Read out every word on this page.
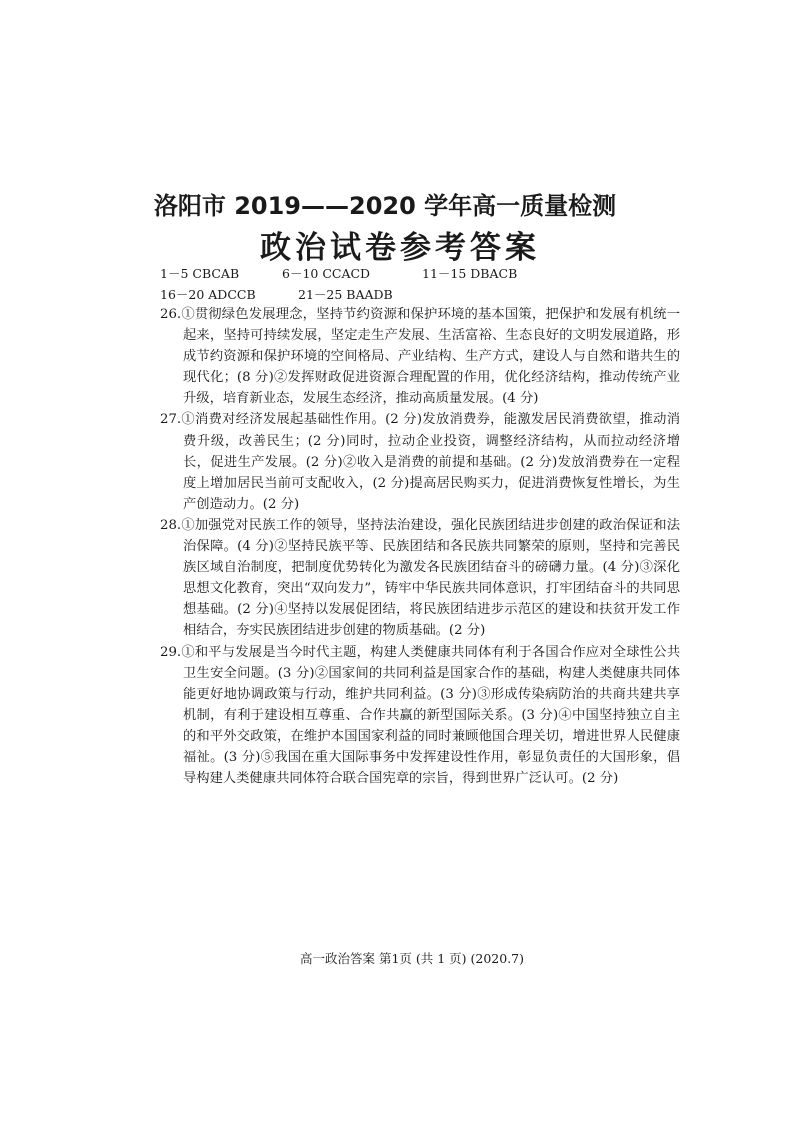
洛阳市 2019——2020 学年高一质量检测
政治试卷参考答案
1－5 CBCAB	6－10 CCACD	11－15 DBACB
16－20 ADCCB	21－25 BAADB

26.①贯彻绿色发展理念，坚持节约资源和保护环境的基本国策，把保护和发展有机统一起来，坚持可持续发展，坚定走生产发展、生活富裕、生态良好的文明发展道路，形成节约资源和保护环境的空间格局、产业结构、生产方式，建设人与自然和谐共生的现代化；(8 分)②发挥财政促进资源合理配置的作用，优化经济结构，推动传统产业升级，培育新业态，发展生态经济，推动高质量发展。(4 分)

27.①消费对经济发展起基础性作用。(2 分)发放消费券，能激发居民消费欲望，推动消费升级，改善民生；(2 分)同时，拉动企业投资，调整经济结构，从而拉动经济增长，促进生产发展。(2 分)②收入是消费的前提和基础。(2 分)发放消费券在一定程度上增加居民当前可支配收入，(2 分)提高居民购买力，促进消费恢复性增长，为生产创造动力。(2 分)

28.①加强党对民族工作的领导，坚持法治建设，强化民族团结进步创建的政治保证和法治保障。(4 分)②坚持民族平等、民族团结和各民族共同繁荣的原则，坚持和完善民族区域自治制度，把制度优势转化为激发各民族团结奋斗的磅礴力量。(4 分)③深化思想文化教育，突出“双向发力”，铸牢中华民族共同体意识，打牢团结奋斗的共同思想基础。(2 分)④坚持以发展促团结，将民族团结进步示范区的建设和扶贫开发工作相结合，夯实民族团结进步创建的物质基础。(2 分)

29.①和平与发展是当今时代主题，构建人类健康共同体有利于各国合作应对全球性公共卫生安全问题。(3 分)②国家间的共同利益是国家合作的基础，构建人类健康共同体能更好地协调政策与行动，维护共同利益。(3 分)③形成传染病防治的共商共建共享机制，有利于建设相互尊重、合作共赢的新型国际关系。(3 分)④中国坚持独立自主的和平外交政策，在维护本国国家利益的同时兼顾他国合理关切，增进世界人民健康福祉。(3 分)⑤我国在重大国际事务中发挥建设性作用，彰显负责任的大国形象，倡导构建人类健康共同体符合联合国宪章的宗旨，得到世界广泛认可。(2 分)

高一政治答案 第1页 (共 1 页) (2020.7)
